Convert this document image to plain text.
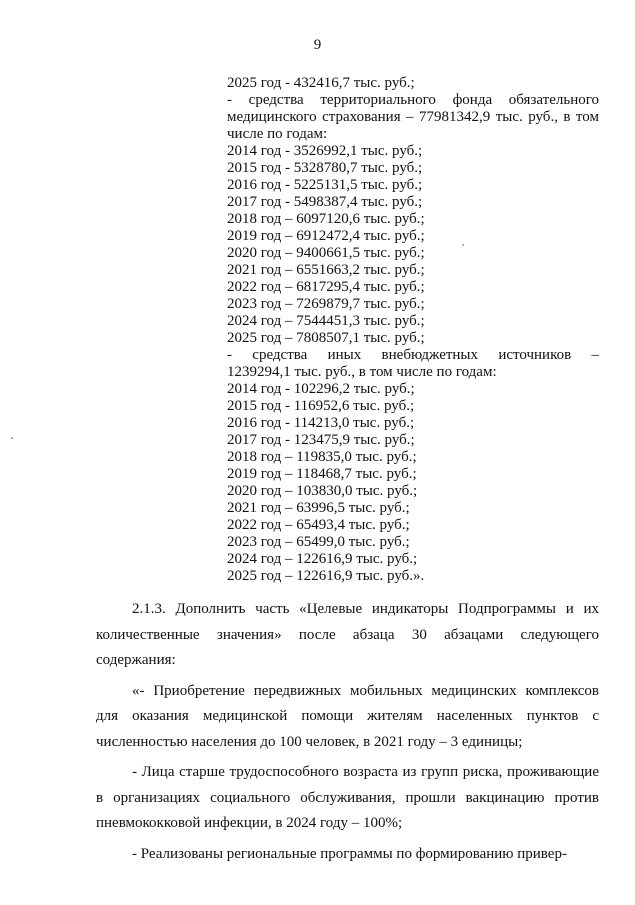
9
2025 год - 432416,7 тыс. руб.;
- средства территориального фонда обязательного медицинского страхования – 77981342,9 тыс. руб., в том числе по годам:
2014 год - 3526992,1 тыс. руб.;
2015 год - 5328780,7 тыс. руб.;
2016 год - 5225131,5 тыс. руб.;
2017 год - 5498387,4 тыс. руб.;
2018 год – 6097120,6 тыс. руб.;
2019 год – 6912472,4 тыс. руб.;
2020 год – 9400661,5 тыс. руб.;
2021 год – 6551663,2 тыс. руб.;
2022 год – 6817295,4 тыс. руб.;
2023 год – 7269879,7 тыс. руб.;
2024 год – 7544451,3 тыс. руб.;
2025 год – 7808507,1 тыс. руб.;
- средства иных внебюджетных источников –
1239294,1 тыс. руб., в том числе по годам:
2014 год - 102296,2 тыс. руб.;
2015 год - 116952,6 тыс. руб.;
2016 год - 114213,0 тыс. руб.;
2017 год - 123475,9 тыс. руб.;
2018 год – 119835,0 тыс. руб.;
2019 год – 118468,7 тыс. руб.;
2020 год – 103830,0 тыс. руб.;
2021 год – 63996,5 тыс. руб.;
2022 год – 65493,4 тыс. руб.;
2023 год – 65499,0 тыс. руб.;
2024 год – 122616,9 тыс. руб.;
2025 год – 122616,9 тыс. руб.».
2.1.3. Дополнить часть «Целевые индикаторы Подпрограммы и их количественные значения» после абзаца 30 абзацами следующего содержания:
«- Приобретение передвижных мобильных медицинских комплексов для оказания медицинской помощи жителям населенных пунктов с численностью населения до 100 человек, в 2021 году – 3 единицы;
- Лица старше трудоспособного возраста из групп риска, проживающие в организациях социального обслуживания, прошли вакцинацию против пневмококковой инфекции, в 2024 году – 100%;
- Реализованы региональные программы по формированию привер-
